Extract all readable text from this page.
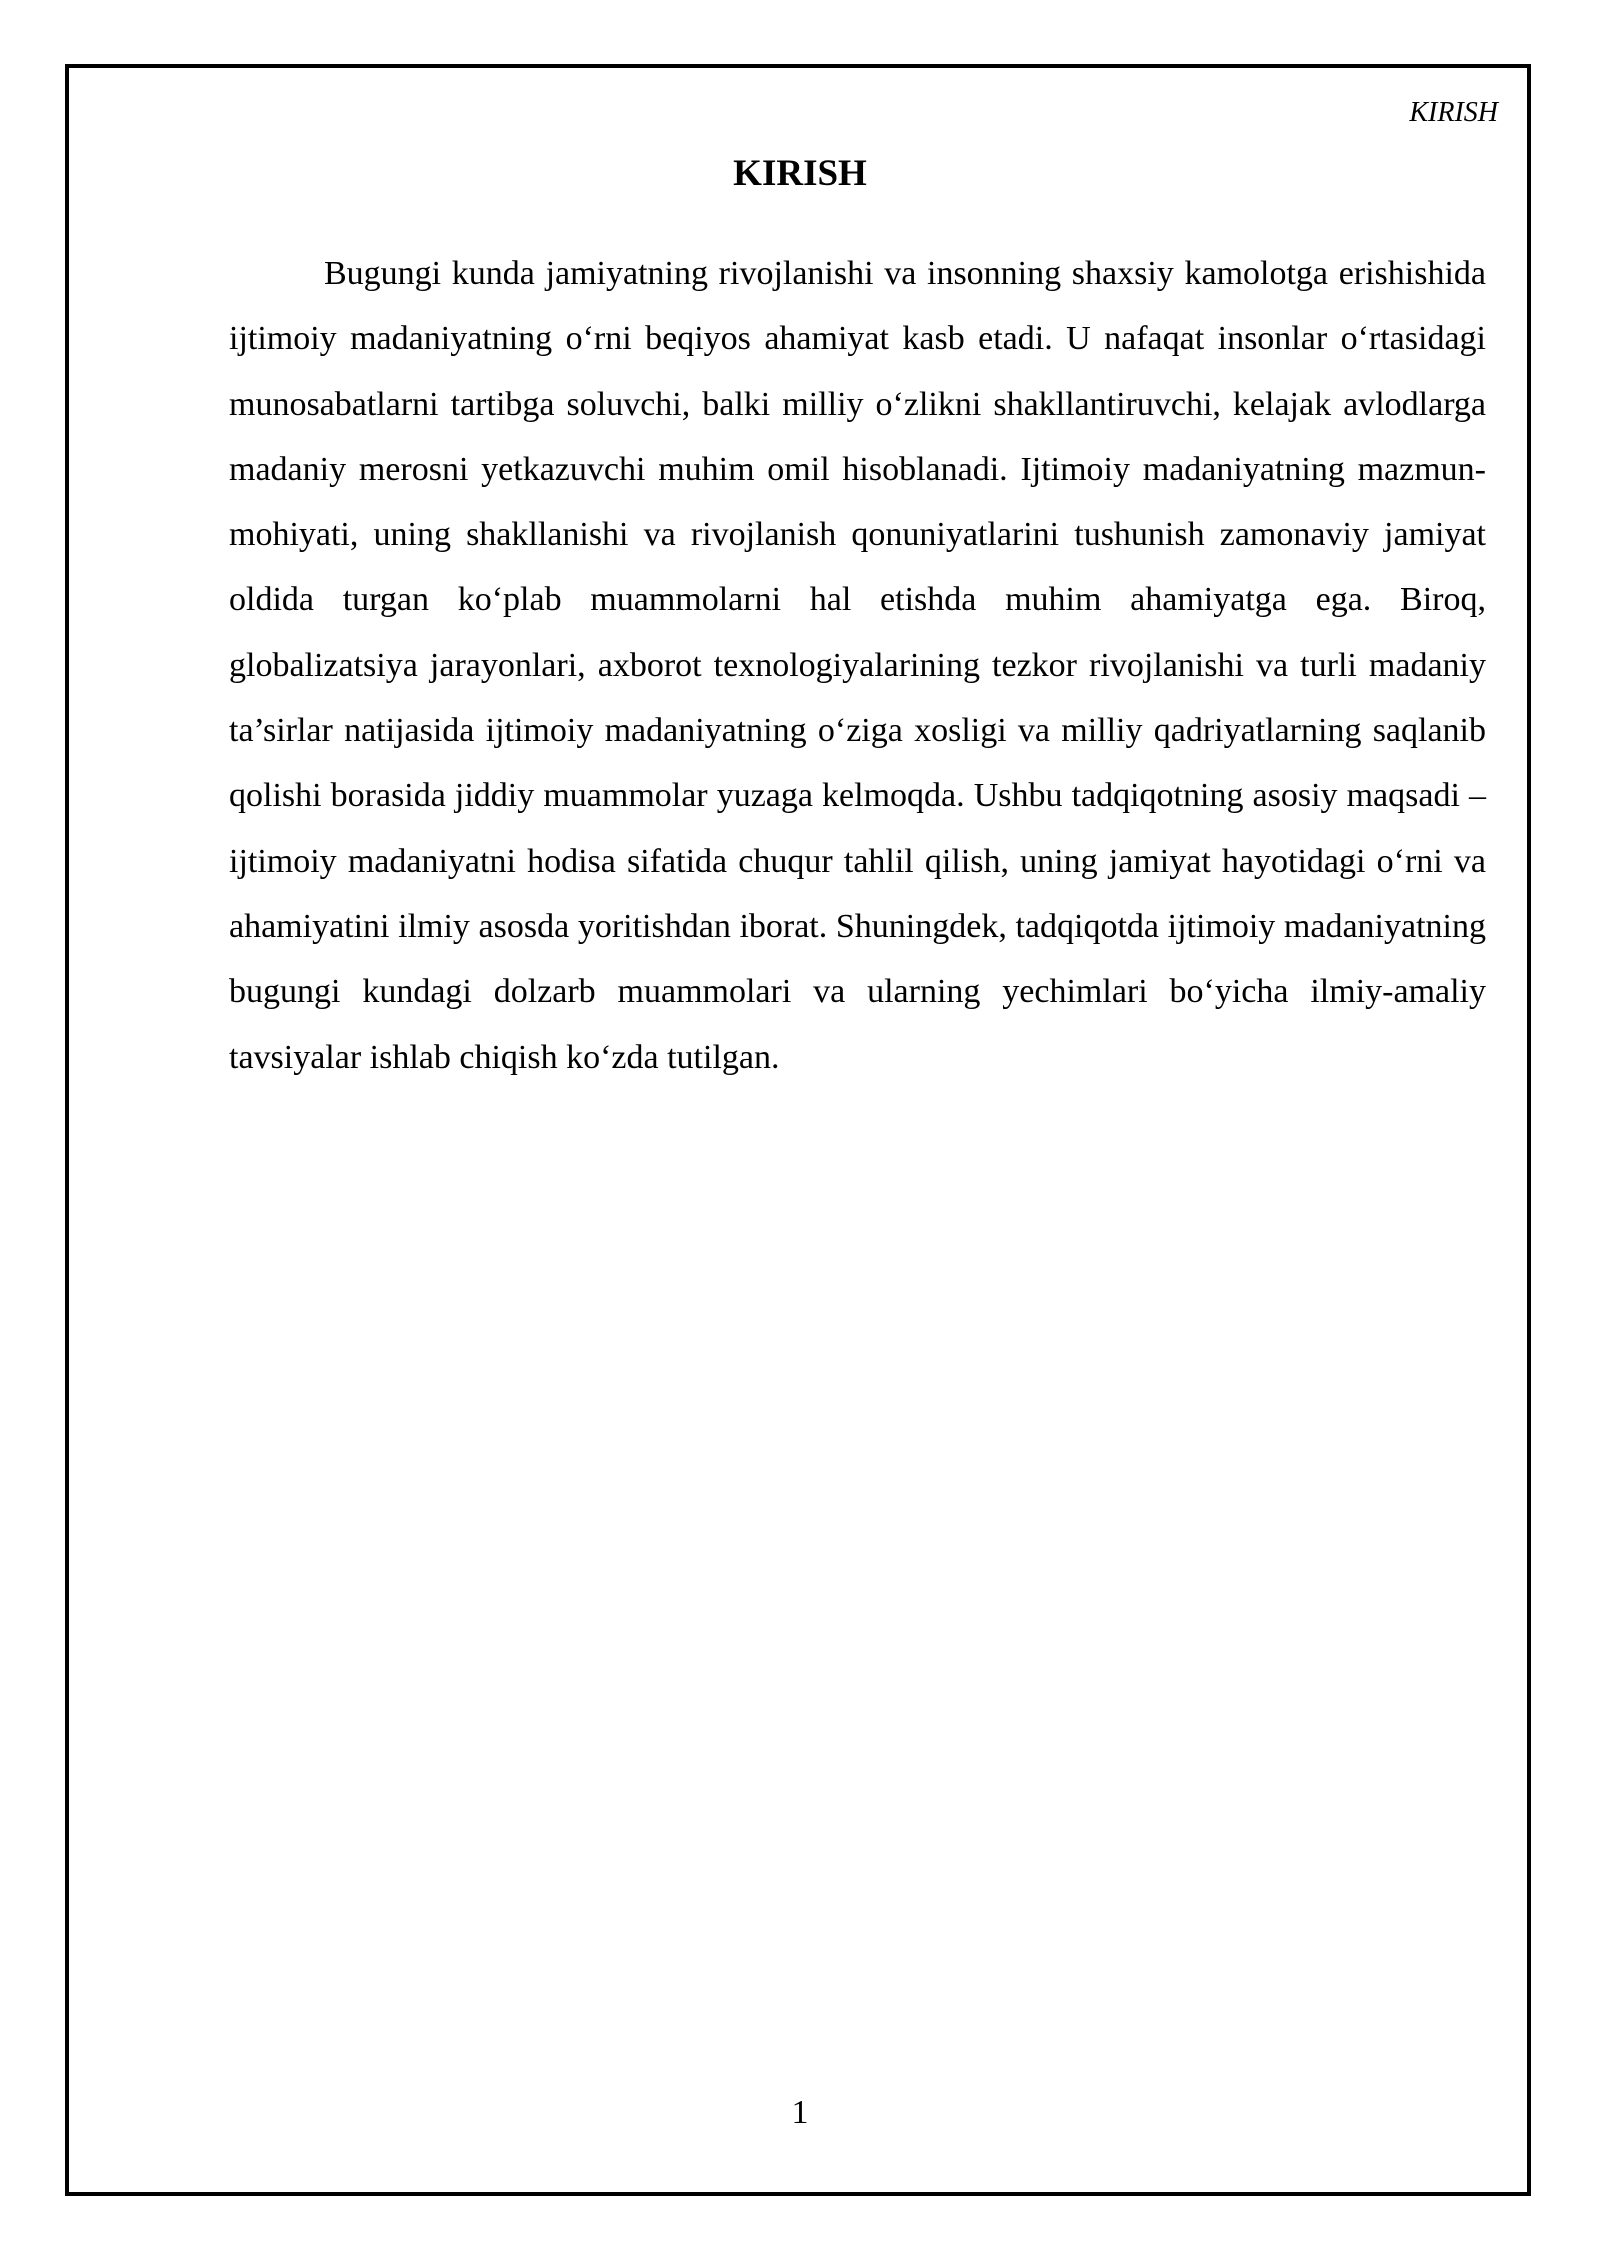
KIRISH
KIRISH

Bugungi kunda jamiyatning rivojlanishi va insonning shaxsiy kamolotga erishishida ijtimoiy madaniyatning o‘rni beqiyos ahamiyat kasb etadi. U nafaqat insonlar o‘rtasidagi munosabatlarni tartibga soluvchi, balki milliy o‘zlikni shakllantiruvchi, kelajak avlodlarga madaniy merosni yetkazuvchi muhim omil hisoblanadi. Ijtimoiy madaniyatning mazmun-mohiyati, uning shakllanishi va rivojlanish qonuniyatlarini tushunish zamonaviy jamiyat oldida turgan ko‘plab muammolarni hal etishda muhim ahamiyatga ega. Biroq, globalizatsiya jarayonlari, axborot texnologiyalarining tezkor rivojlanishi va turli madaniy ta’sirlar natijasida ijtimoiy madaniyatning o‘ziga xosligi va milliy qadriyatlarning saqlanib qolishi borasida jiddiy muammolar yuzaga kelmoqda. Ushbu tadqiqotning asosiy maqsadi – ijtimoiy madaniyatni hodisa sifatida chuqur tahlil qilish, uning jamiyat hayotidagi o‘rni va ahamiyatini ilmiy asosda yoritishdan iborat. Shuningdek, tadqiqotda ijtimoiy madaniyatning bugungi kundagi dolzarb muammolari va ularning yechimlari bo‘yicha ilmiy-amaliy tavsiyalar ishlab chiqish ko‘zda tutilgan.

1
